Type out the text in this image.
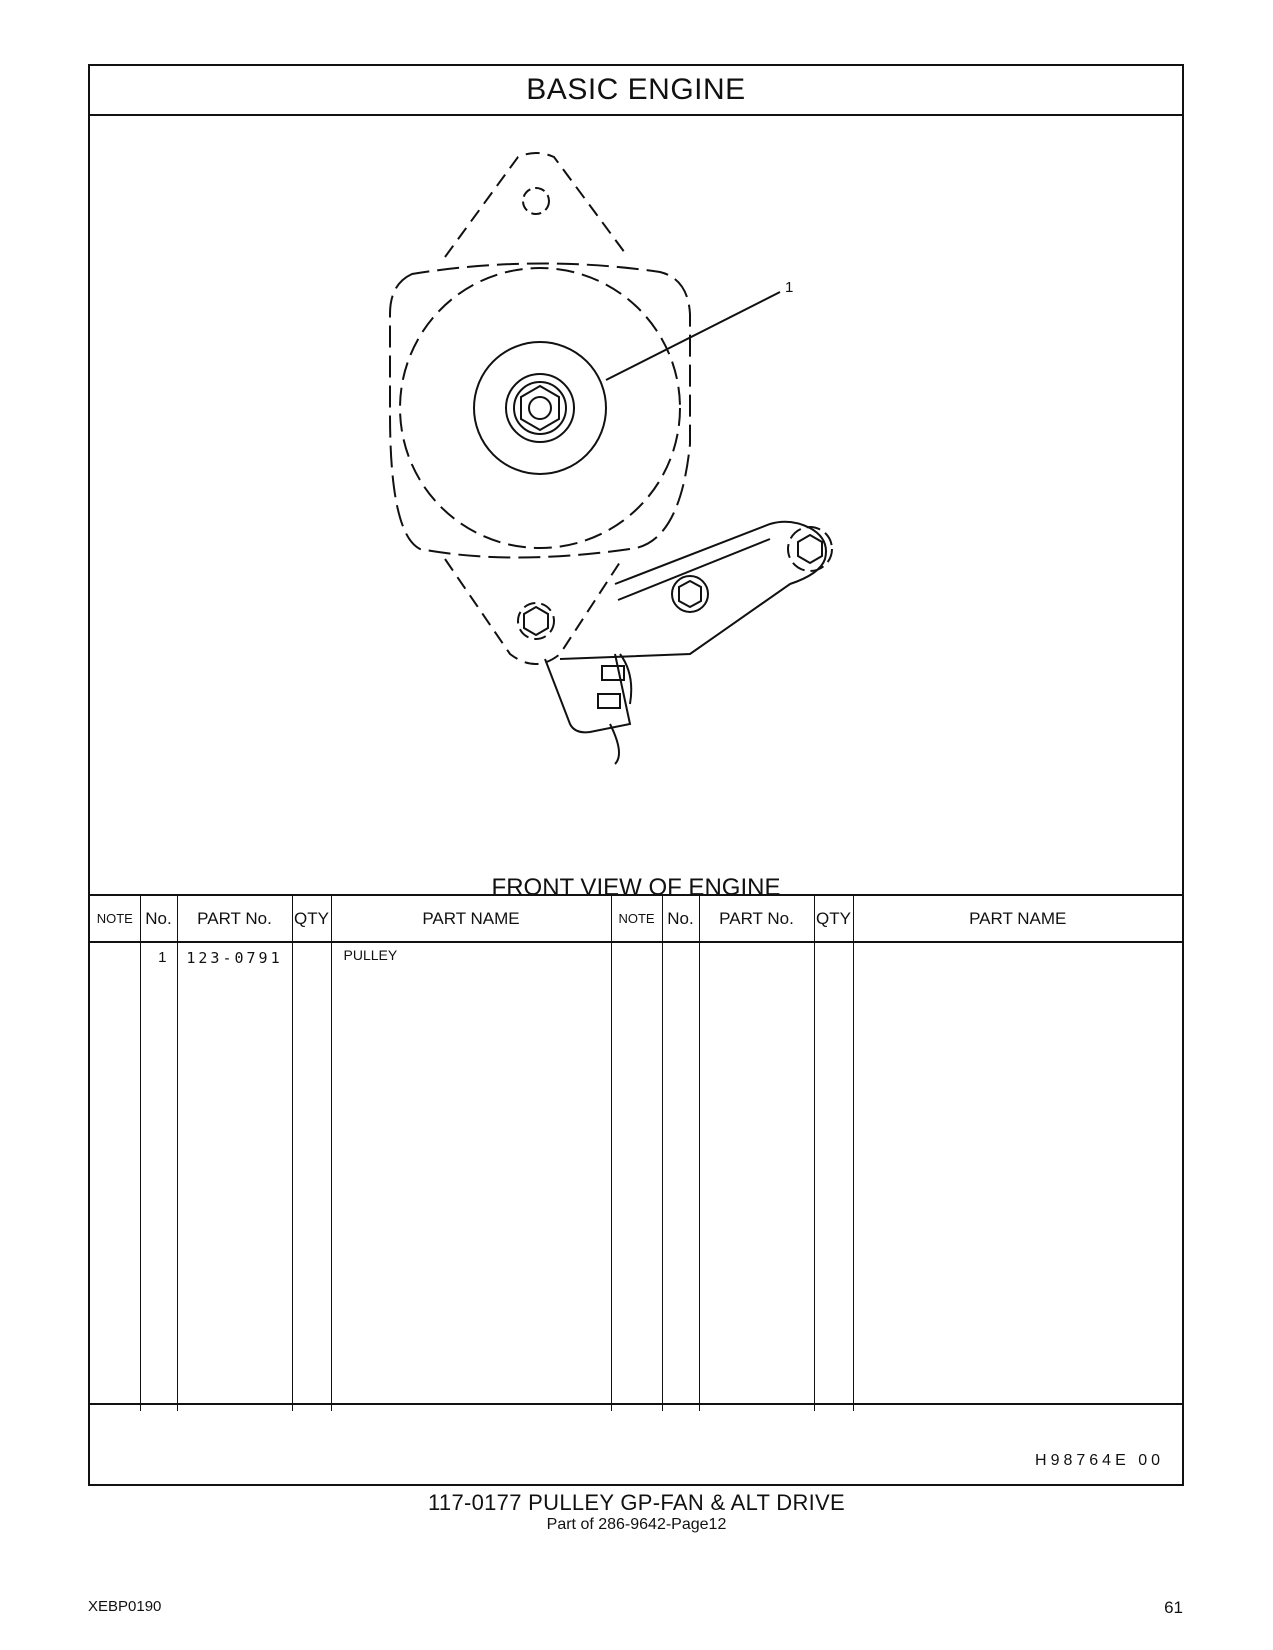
BASIC ENGINE
1
FRONT VIEW OF ENGINE
NOTE	No.	PART No.	QTY	PART NAME	NOTE	No.	PART No.	QTY	PART NAME
	1	123-0791		PULLEY					
H98764E 00
117-0177 PULLEY GP-FAN & ALT DRIVE
Part of 286-9642-Page12
XEBP0190	61
